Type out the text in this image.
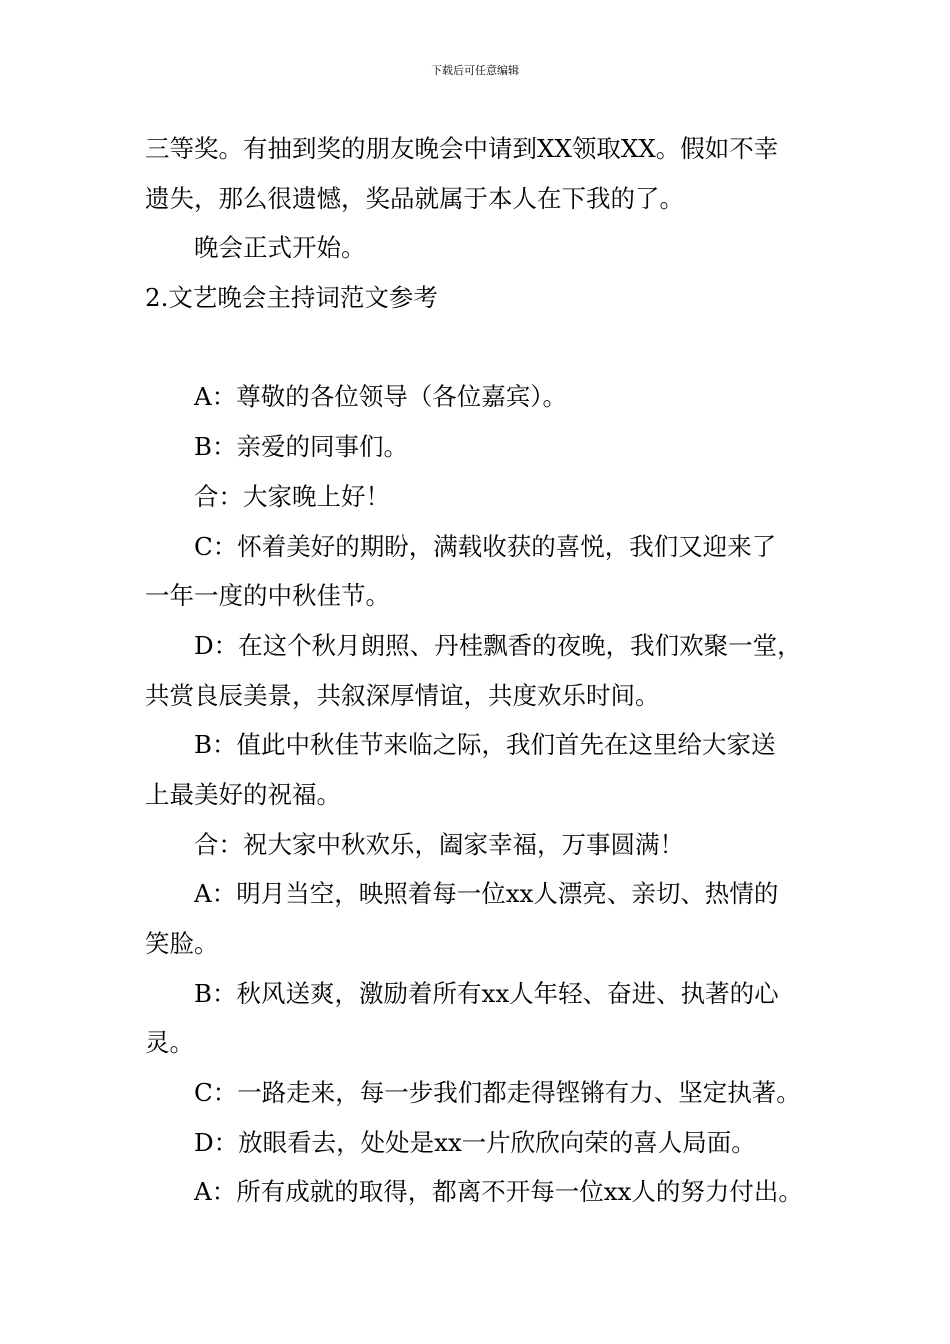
下载后可任意编辑

三等奖。有抽到奖的朋友晚会中请到XX领取XX。假如不幸

遗失，那么很遗憾，奖品就属于本人在下我的了。

晚会正式开始。

2.文艺晚会主持词范文参考

A：尊敬的各位领导（各位嘉宾）。

B：亲爱的同事们。

合：大家晚上好！

C：怀着美好的期盼，满载收获的喜悦，我们又迎来了

一年一度的中秋佳节。

D：在这个秋月朗照、丹桂飘香的夜晚，我们欢聚一堂，

共赏良辰美景，共叙深厚情谊，共度欢乐时间。

B：值此中秋佳节来临之际，我们首先在这里给大家送

上最美好的祝福。

合：祝大家中秋欢乐，阖家幸福，万事圆满！

A：明月当空，映照着每一位xx人漂亮、亲切、热情的

笑脸。

B：秋风送爽，激励着所有xx人年轻、奋进、执著的心

灵。

C：一路走来，每一步我们都走得铿锵有力、坚定执著。

D：放眼看去，处处是xx一片欣欣向荣的喜人局面。

A：所有成就的取得，都离不开每一位xx人的努力付出。
